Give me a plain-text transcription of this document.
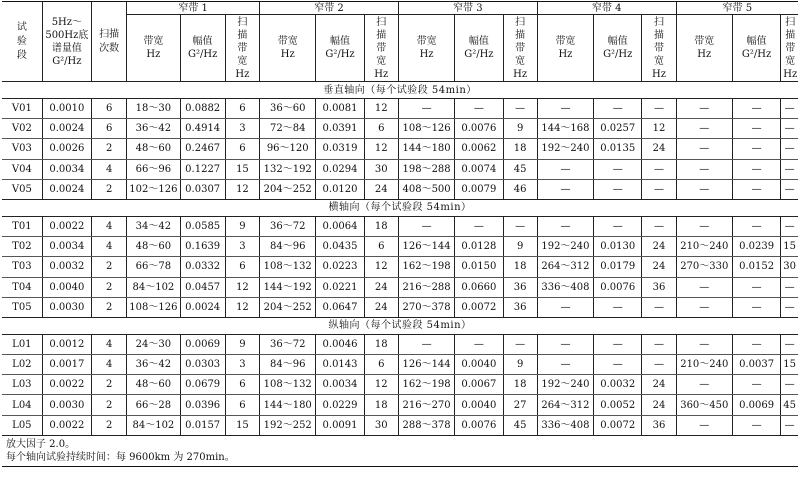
试验段	5Hz～500Hz底谱量值G²/Hz	扫描次数	窄带 1			窄带 2			窄带 3			窄带 4			窄带 5		
			带宽Hz	幅值G²/Hz	扫描带宽Hz	带宽Hz	幅值G²/Hz	扫描带宽Hz	带宽Hz	幅值G²/Hz	扫描带宽Hz	带宽Hz	幅值G²/Hz	扫描带宽Hz	带宽Hz	幅值G²/Hz	扫描带宽Hz
垂直轴向（每个试验段 54min）																	
V01	0.0010	6	18～30	0.0882	6	36～60	0.0081	12	—	—	—	—	—	—	—	—	—
V02	0.0024	6	36～42	0.4914	3	72～84	0.0391	6	108～126	0.0076	9	144～168	0.0257	12	—	—	—
V03	0.0026	2	48～60	0.2467	6	96～120	0.0319	12	144～180	0.0062	18	192～240	0.0135	24	—	—	—
V04	0.0034	4	66～96	0.1227	15	132～192	0.0294	30	198～288	0.0074	45	—	—	—	—	—	—
V05	0.0024	2	102～126	0.0307	12	204～252	0.0120	24	408～500	0.0079	46	—	—	—	—	—	—
横轴向（每个试验段 54min）																	
T01	0.0022	4	34～42	0.0585	9	36～72	0.0064	18	—	—	—	—	—	—	—	—	—
T02	0.0034	4	48～60	0.1639	3	84～96	0.0435	6	126～144	0.0128	9	192～240	0.0130	24	210～240	0.0239	15
T03	0.0032	2	66～78	0.0332	6	108～132	0.0223	12	162～198	0.0150	18	264～312	0.0179	24	270～330	0.0152	30
T04	0.0040	2	84～102	0.0457	12	144～192	0.0221	24	216～288	0.0660	36	336～408	0.0076	36	—	—	—
T05	0.0030	2	108～126	0.0024	12	204～252	0.0647	24	270～378	0.0072	36	—	—	—	—	—	—
纵轴向（每个试验段 54min）																	
L01	0.0012	4	24～30	0.0069	9	36～72	0.0046	18	—	—	—	—	—	—	—	—	—
L02	0.0017	4	36～42	0.0303	3	84～96	0.0143	6	126～144	0.0040	9	—	—	—	210～240	0.0037	15
L03	0.0022	2	48～60	0.0679	6	108～132	0.0034	12	162～198	0.0067	18	192～240	0.0032	24	—	—	—
L04	0.0030	2	66～28	0.0396	6	144～180	0.0229	18	216～270	0.0040	27	264～312	0.0052	24	360～450	0.0069	45
L05	0.0022	2	84～102	0.0157	15	192～252	0.0091	30	288～378	0.0076	45	336～408	0.0072	36	—	—	—
放大因子 2.0。
每个轴向试验持续时间：每 9600km 为 270min。
